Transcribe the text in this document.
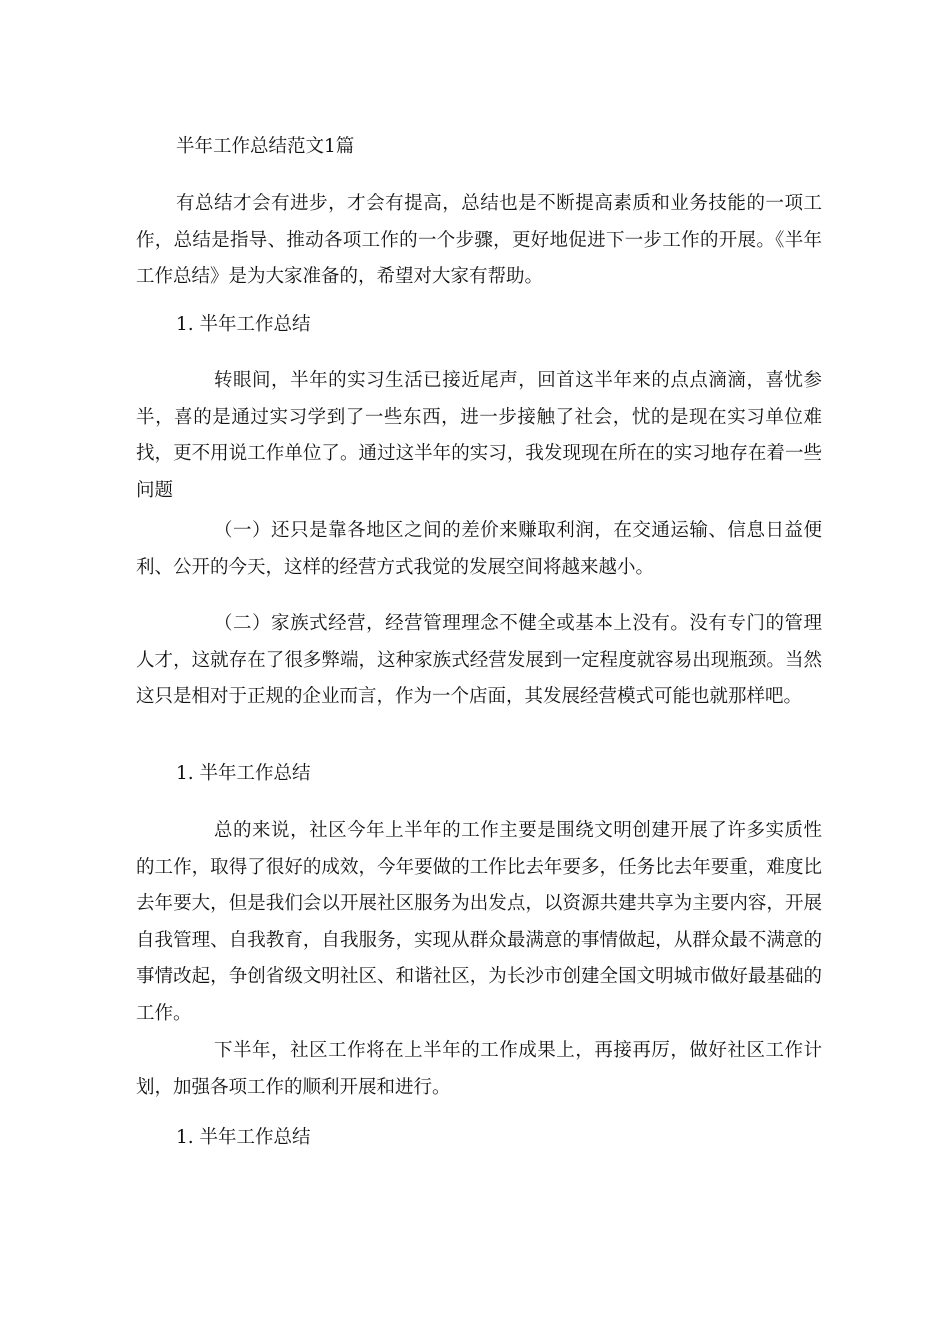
半年工作总结范文1篇

有总结才会有进步，才会有提高，总结也是不断提高素质和业务技能的一项工作，总结是指导、推动各项工作的一个步骤，更好地促进下一步工作的开展。《半年工作总结》是为大家准备的，希望对大家有帮助。

1. 半年工作总结

转眼间，半年的实习生活已接近尾声，回首这半年来的点点滴滴，喜忧参半，喜的是通过实习学到了一些东西，进一步接触了社会，忧的是现在实习单位难找，更不用说工作单位了。通过这半年的实习，我发现现在所在的实习地存在着一些问题

（一）还只是靠各地区之间的差价来赚取利润，在交通运输、信息日益便利、公开的今天，这样的经营方式我觉的发展空间将越来越小。

（二）家族式经营，经营管理理念不健全或基本上没有。没有专门的管理人才，这就存在了很多弊端，这种家族式经营发展到一定程度就容易出现瓶颈。当然这只是相对于正规的企业而言，作为一个店面，其发展经营模式可能也就那样吧。

1. 半年工作总结

总的来说，社区今年上半年的工作主要是围绕文明创建开展了许多实质性的工作，取得了很好的成效，今年要做的工作比去年要多，任务比去年要重，难度比去年要大，但是我们会以开展社区服务为出发点，以资源共建共享为主要内容，开展自我管理、自我教育，自我服务，实现从群众最满意的事情做起，从群众最不满意的事情改起，争创省级文明社区、和谐社区，为长沙市创建全国文明城市做好最基础的工作。

下半年，社区工作将在上半年的工作成果上，再接再厉，做好社区工作计划，加强各项工作的顺利开展和进行。

1. 半年工作总结
